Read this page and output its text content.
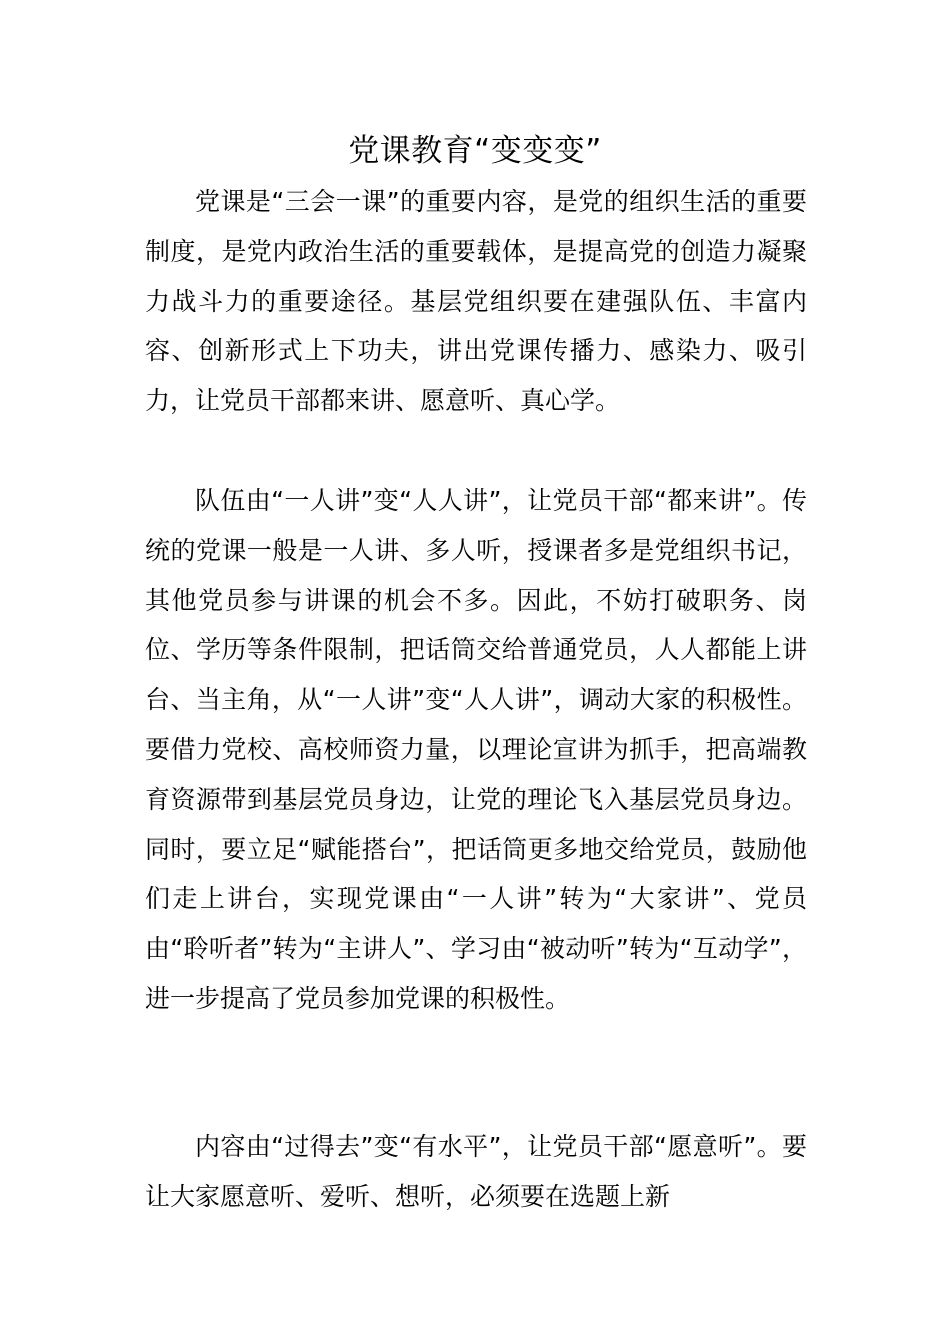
党课教育“变变变”

党课是“三会一课”的重要内容，是党的组织生活的重要制度，是党内政治生活的重要载体，是提高党的创造力凝聚力战斗力的重要途径。基层党组织要在建强队伍、丰富内容、创新形式上下功夫，讲出党课传播力、感染力、吸引力，让党员干部都来讲、愿意听、真心学。

队伍由“一人讲”变“人人讲”，让党员干部“都来讲”。传统的党课一般是一人讲、多人听，授课者多是党组织书记，其他党员参与讲课的机会不多。因此，不妨打破职务、岗位、学历等条件限制，把话筒交给普通党员，人人都能上讲台、当主角，从“一人讲”变“人人讲”，调动大家的积极性。要借力党校、高校师资力量，以理论宣讲为抓手，把高端教育资源带到基层党员身边，让党的理论飞入基层党员身边。同时，要立足“赋能搭台”，把话筒更多地交给党员，鼓励他们走上讲台，实现党课由“一人讲”转为“大家讲”、党员由“聆听者”转为“主讲人”、学习由“被动听”转为“互动学”，进一步提高了党员参加党课的积极性。

内容由“过得去”变“有水平”，让党员干部“愿意听”。要让大家愿意听、爱听、想听，必须要在选题上新
